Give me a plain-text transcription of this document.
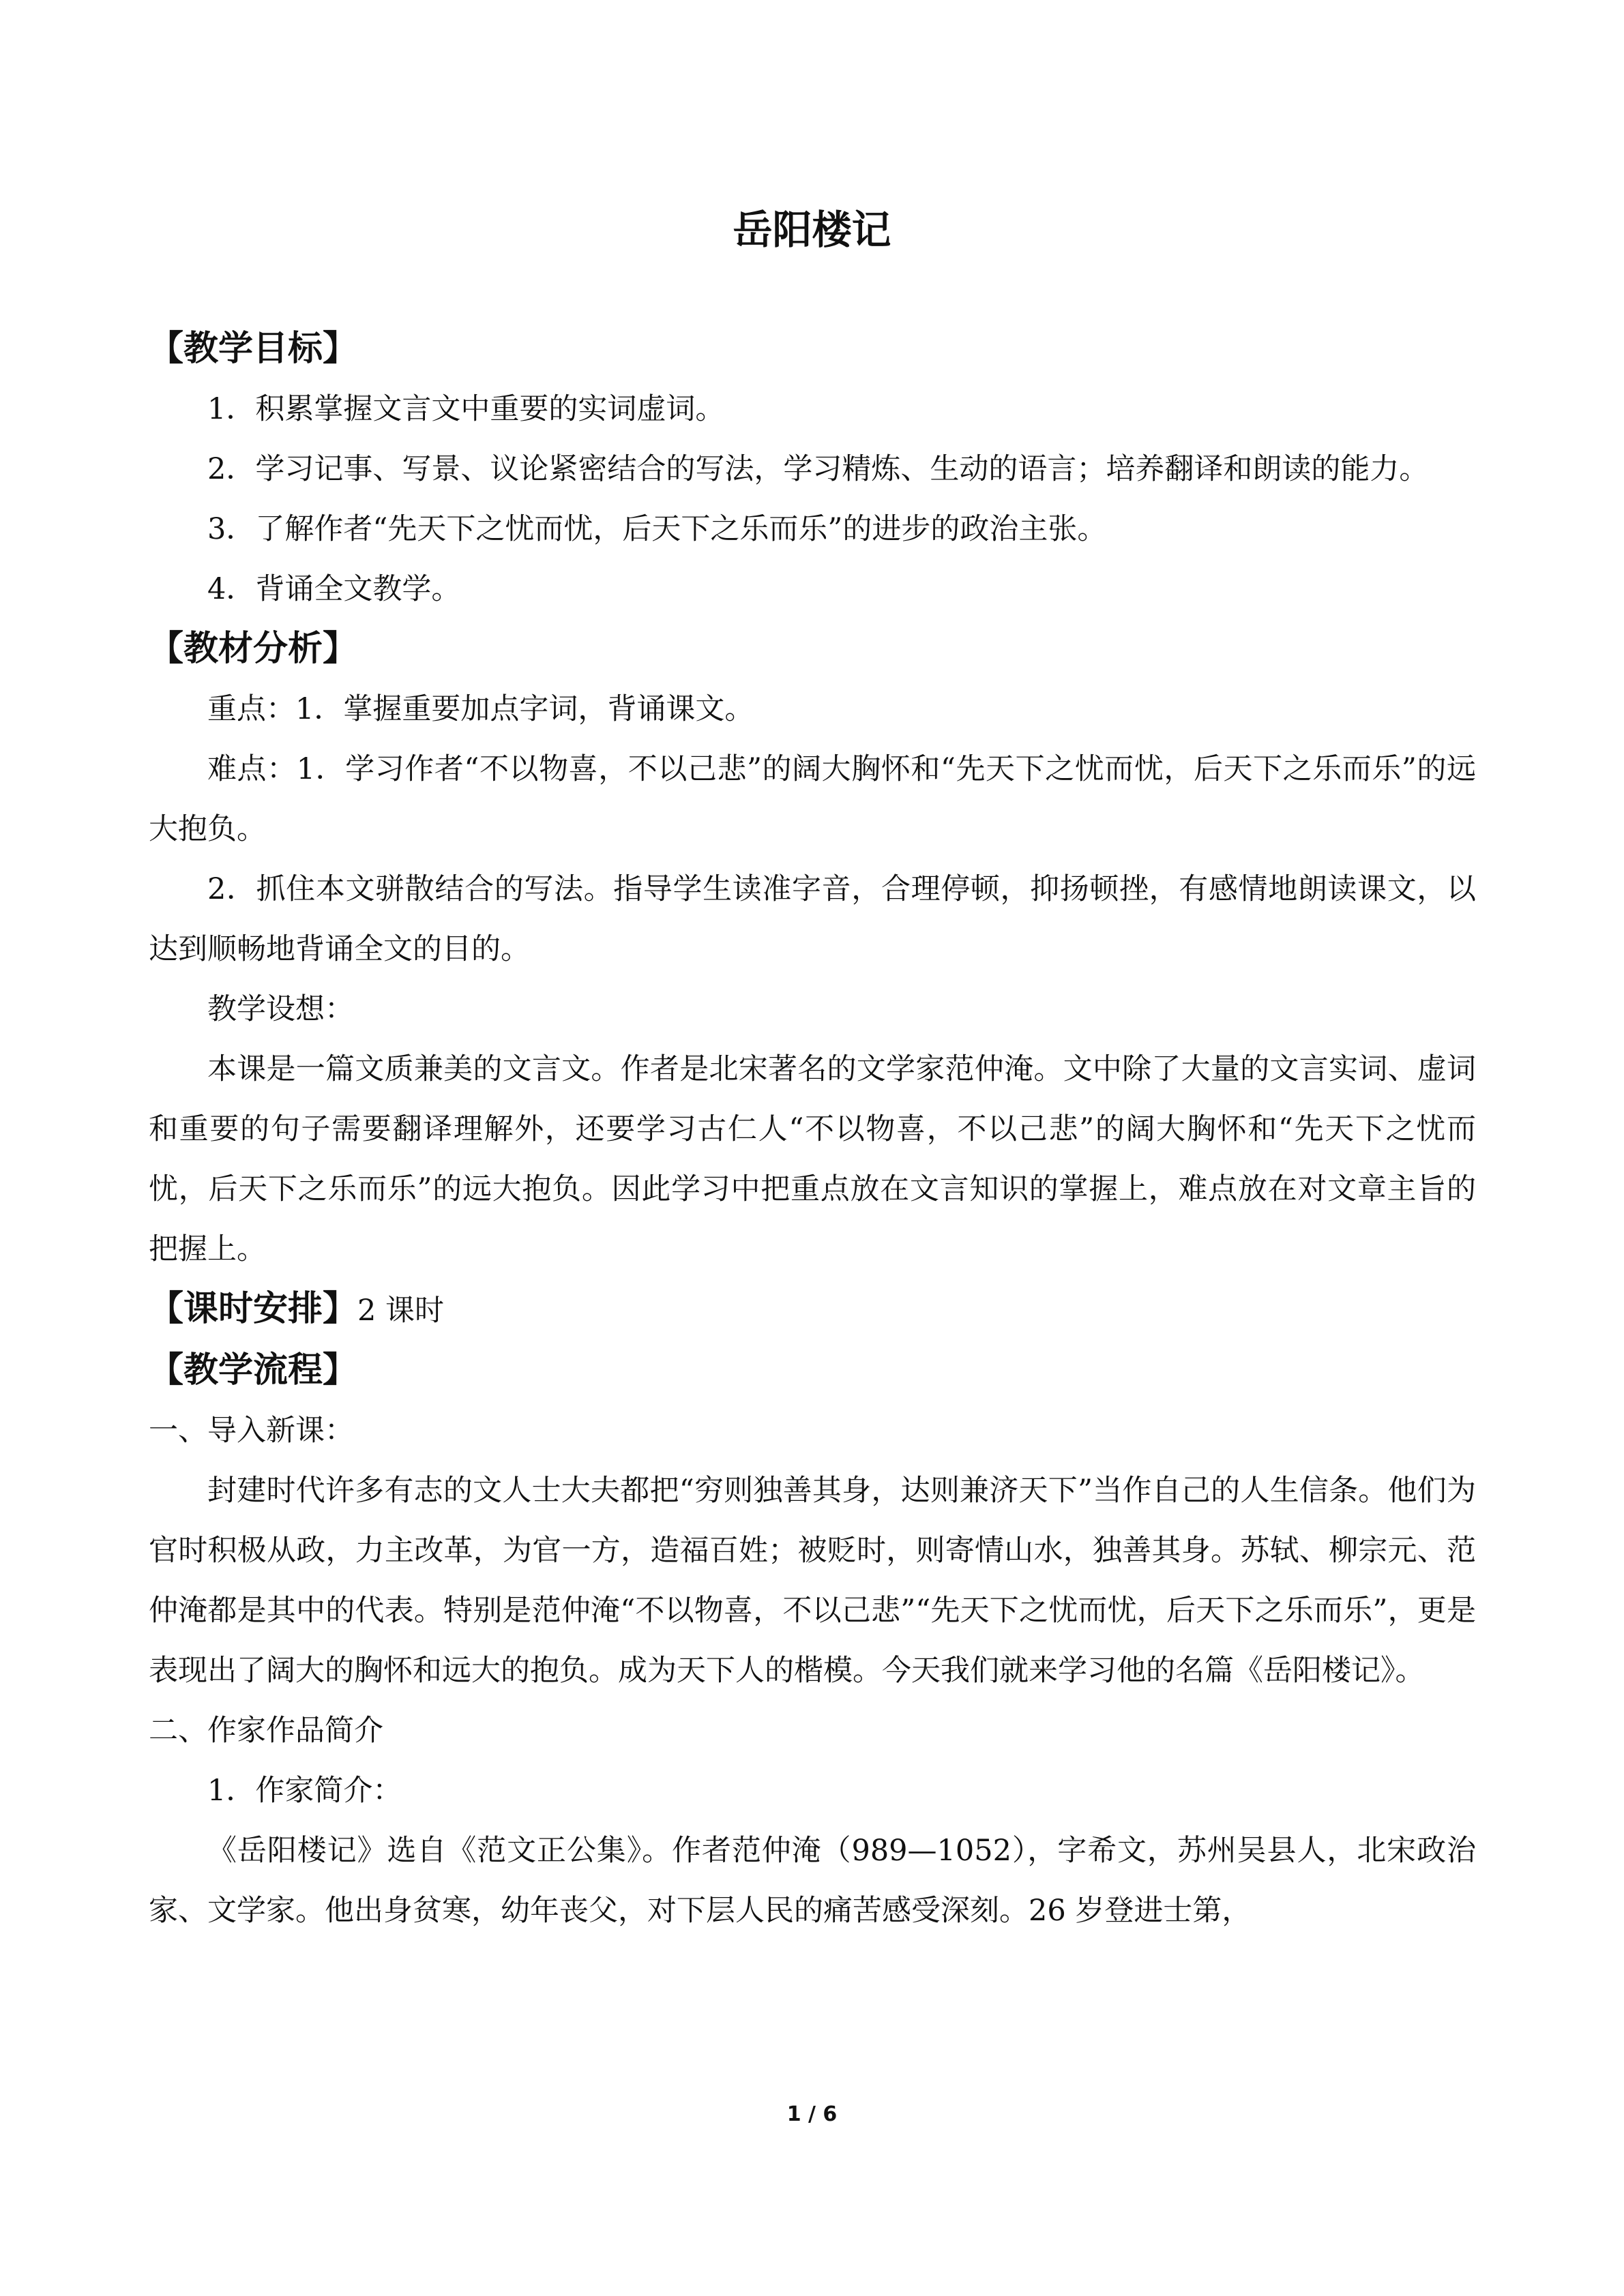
岳阳楼记
【教学目标】

1．积累掌握文言文中重要的实词虚词。

2．学习记事、写景、议论紧密结合的写法，学习精炼、生动的语言；培养翻译和朗读的能力。

3．了解作者“先天下之忧而忧，后天下之乐而乐”的进步的政治主张。

4．背诵全文教学。

【教材分析】

重点：1．掌握重要加点字词，背诵课文。

难点：1．学习作者“不以物喜，不以己悲”的阔大胸怀和“先天下之忧而忧，后天下之乐而乐”的远大抱负。

2．抓住本文骈散结合的写法。指导学生读准字音，合理停顿，抑扬顿挫，有感情地朗读课文，以达到顺畅地背诵全文的目的。

教学设想：

本课是一篇文质兼美的文言文。作者是北宋著名的文学家范仲淹。文中除了大量的文言实词、虚词和重要的句子需要翻译理解外，还要学习古仁人“不以物喜，不以己悲”的阔大胸怀和“先天下之忧而忧，后天下之乐而乐”的远大抱负。因此学习中把重点放在文言知识的掌握上，难点放在对文章主旨的把握上。

【课时安排】2 课时
【教学流程】

一、导入新课：

封建时代许多有志的文人士大夫都把“穷则独善其身，达则兼济天下”当作自己的人生信条。他们为官时积极从政，力主改革，为官一方，造福百姓；被贬时，则寄情山水，独善其身。苏轼、柳宗元、范仲淹都是其中的代表。特别是范仲淹“不以物喜，不以己悲”“先天下之忧而忧，后天下之乐而乐”，更是表现出了阔大的胸怀和远大的抱负。成为天下人的楷模。今天我们就来学习他的名篇《岳阳楼记》。

二、作家作品简介

1．作家简介：

《岳阳楼记》选自《范文正公集》。作者范仲淹（989—1052），字希文，苏州吴县人，北宋政治家、文学家。他出身贫寒，幼年丧父，对下层人民的痛苦感受深刻。26 岁登进士第，

1 / 6
